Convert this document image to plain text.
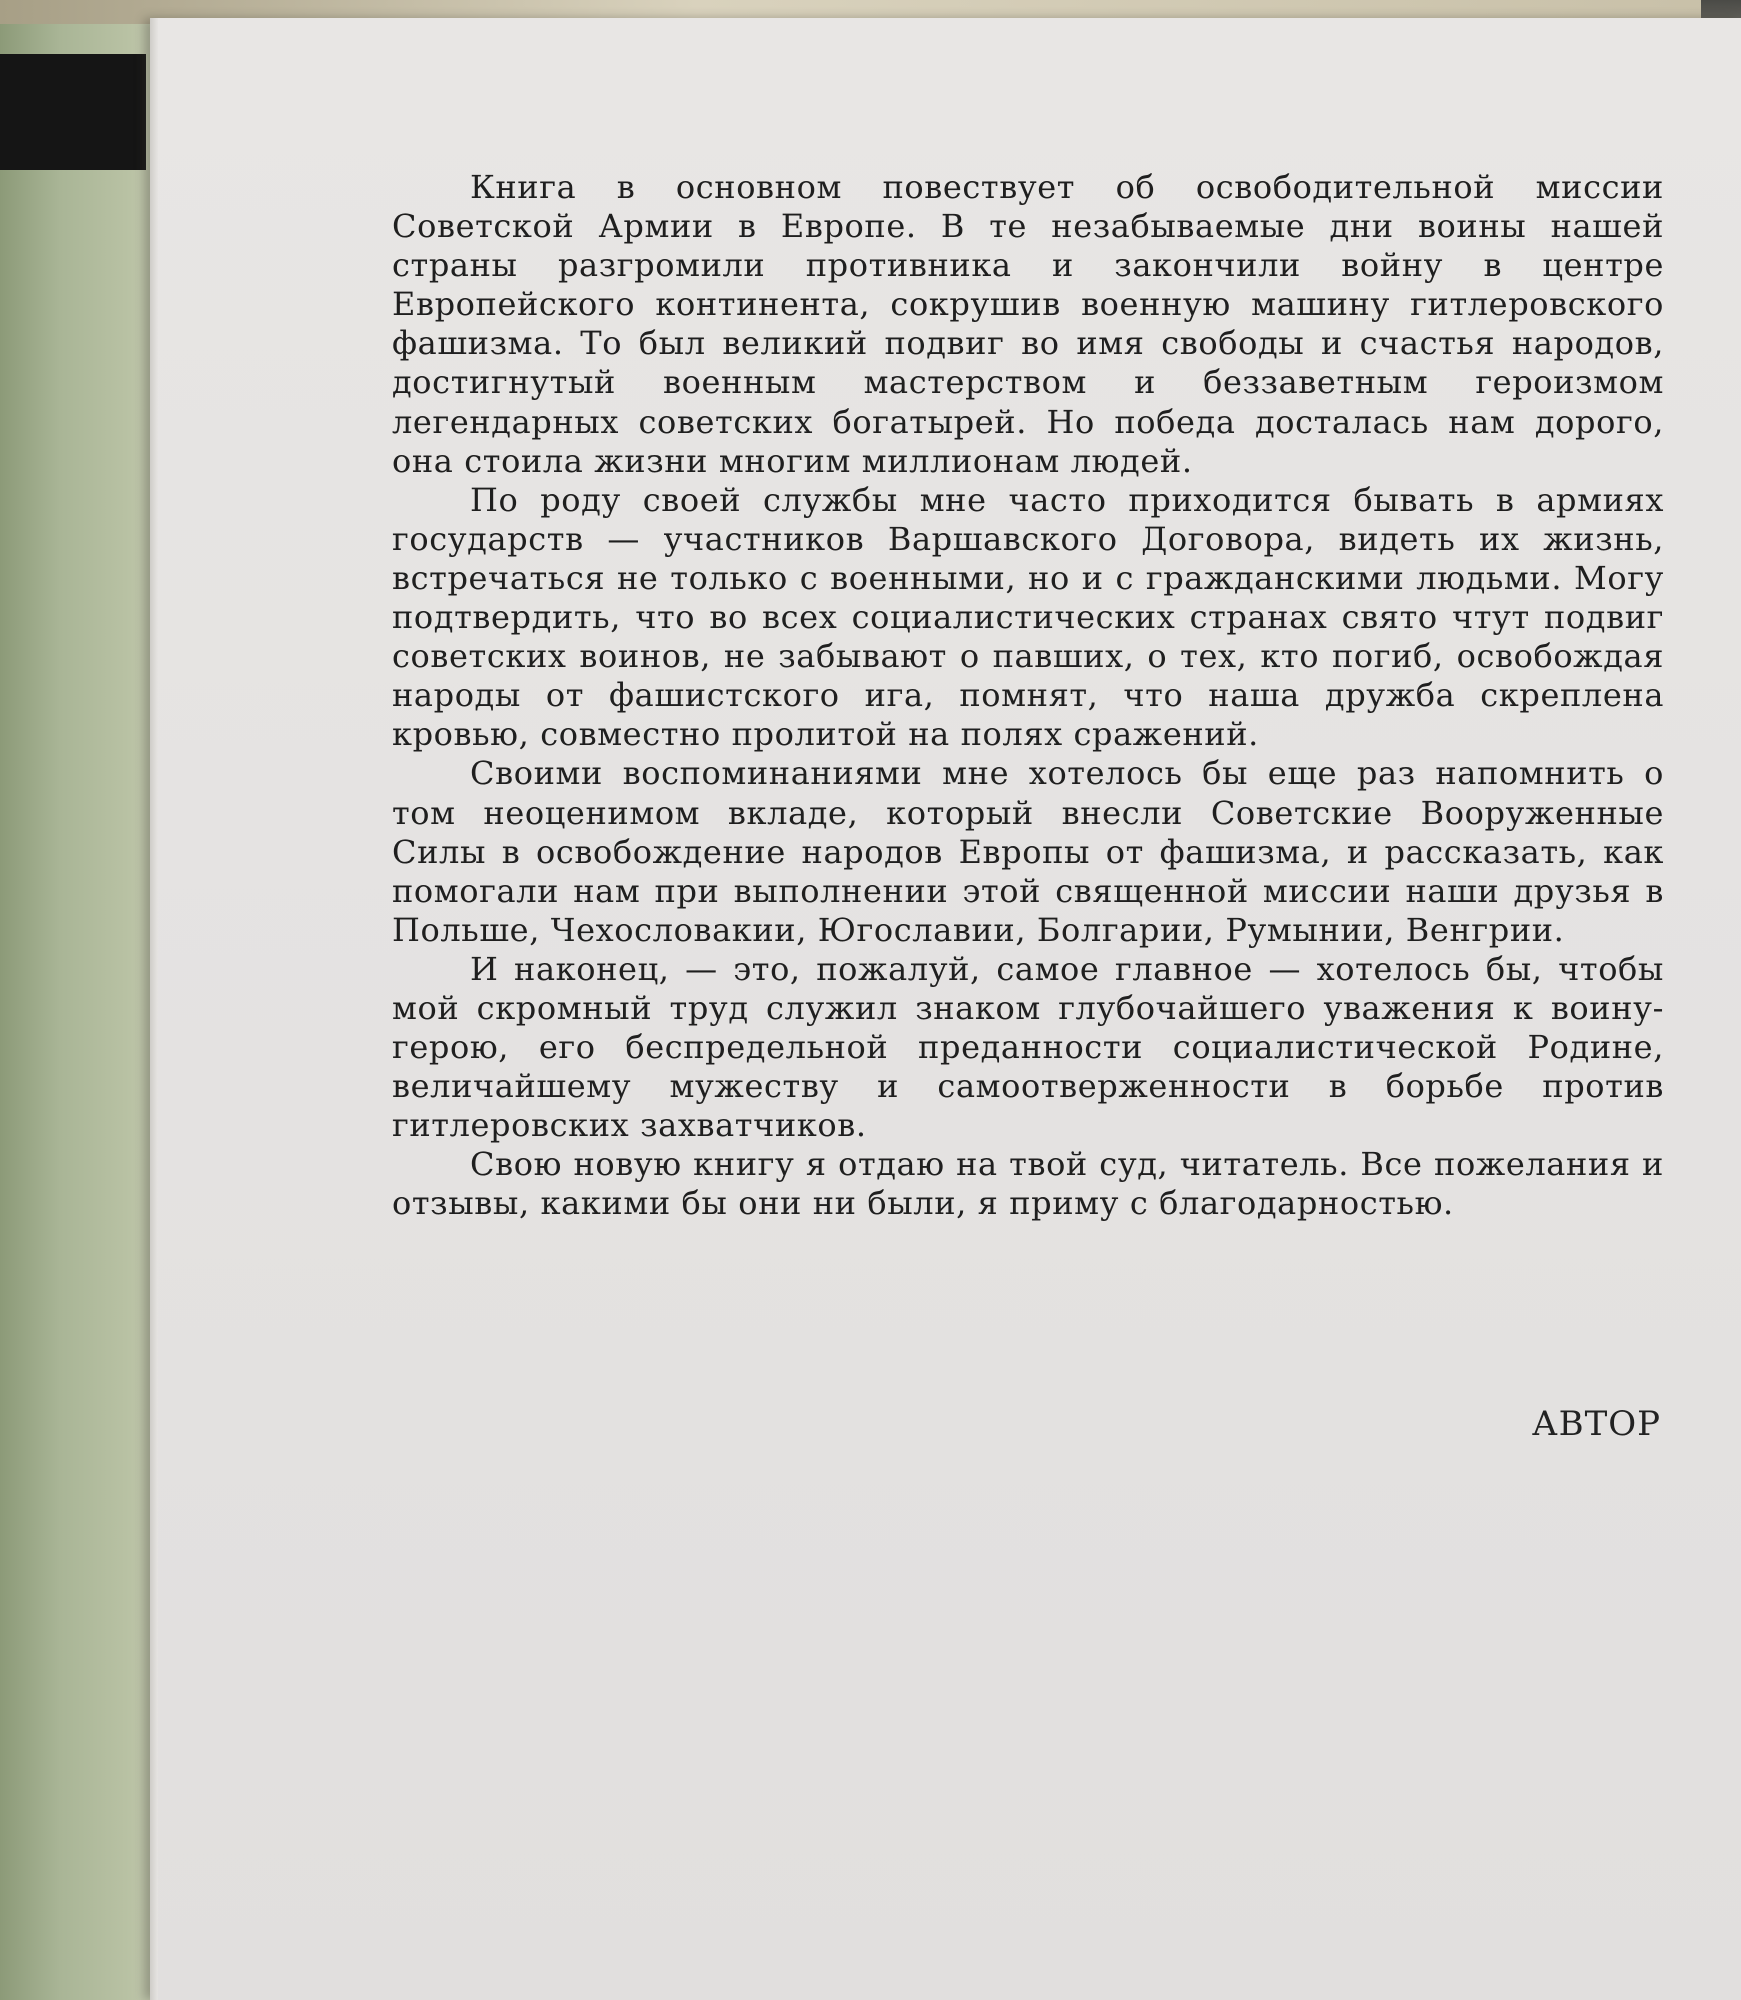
Книга в основном повествует об освободительной миссии Советской Армии в Европе. В те незабываемые дни воины нашей страны разгромили противника и закончили войну в центре Европейского континента, сокрушив военную машину гитлеровского фашизма. То был великий подвиг во имя свободы и счастья народов, достигнутый военным мастерством и беззаветным героизмом легендарных советских богатырей. Но победа досталась нам дорого, она стоила жизни многим миллионам людей.

По роду своей службы мне часто приходится бывать в армиях государств — участников Варшавского Договора, видеть их жизнь, встречаться не только с военными, но и с гражданскими людьми. Могу подтвердить, что во всех социалистических странах свято чтут подвиг советских воинов, не забывают о павших, о тех, кто погиб, освобождая народы от фашистского ига, помнят, что наша дружба скреплена кровью, совместно пролитой на полях сражений.

Своими воспоминаниями мне хотелось бы еще раз напомнить о том неоценимом вкладе, который внесли Советские Вооруженные Силы в освобождение народов Европы от фашизма, и рассказать, как помогали нам при выполнении этой священной миссии наши друзья в Польше, Чехословакии, Югославии, Болгарии, Румынии, Венгрии.

И наконец, — это, пожалуй, самое главное — хотелось бы, чтобы мой скромный труд служил знаком глубочайшего уважения к воину-герою, его беспредельной преданности социалистической Родине, величайшему мужеству и самоотверженности в борьбе против гитлеровских захватчиков.

Свою новую книгу я отдаю на твой суд, читатель. Все пожелания и отзывы, какими бы они ни были, я приму с благодарностью.

АВТОР
